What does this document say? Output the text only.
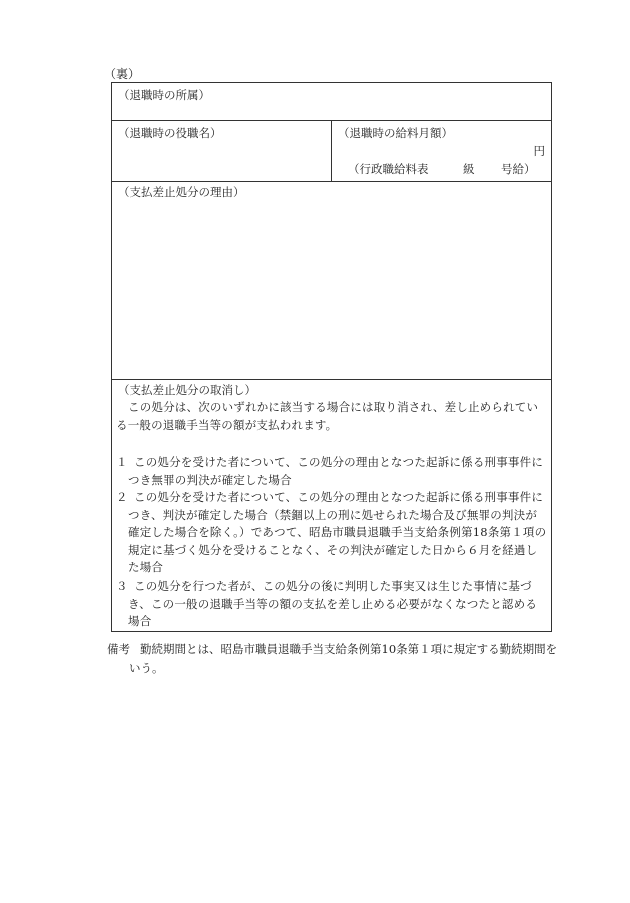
（裏）
（退職時の所属）
（退職時の役職名）	（退職時の給料月額）
円
（行政職給料表	級 号給）
（支払差止処分の理由）
（支払差止処分の取消し）
この処分は、次のいずれかに該当する場合には取り消され、差し止められている一般の退職手当等の額が支払われます。
１ この処分を受けた者について、この処分の理由となつた起訴に係る刑事事件につき無罪の判決が確定した場合
２ この処分を受けた者について、この処分の理由となつた起訴に係る刑事事件につき、判決が確定した場合（禁錮以上の刑に処せられた場合及び無罪の判決が確定した場合を除く。）であつて、昭島市職員退職手当支給条例第18条第１項の規定に基づく処分を受けることなく、その判決が確定した日から６月を経過した場合
３ この処分を行つた者が、この処分の後に判明した事実又は生じた事情に基づき、この一般の退職手当等の額の支払を差し止める必要がなくなつたと認める場合
備考 勤続期間とは、昭島市職員退職手当支給条例第10条第１項に規定する勤続期間を
いう。
